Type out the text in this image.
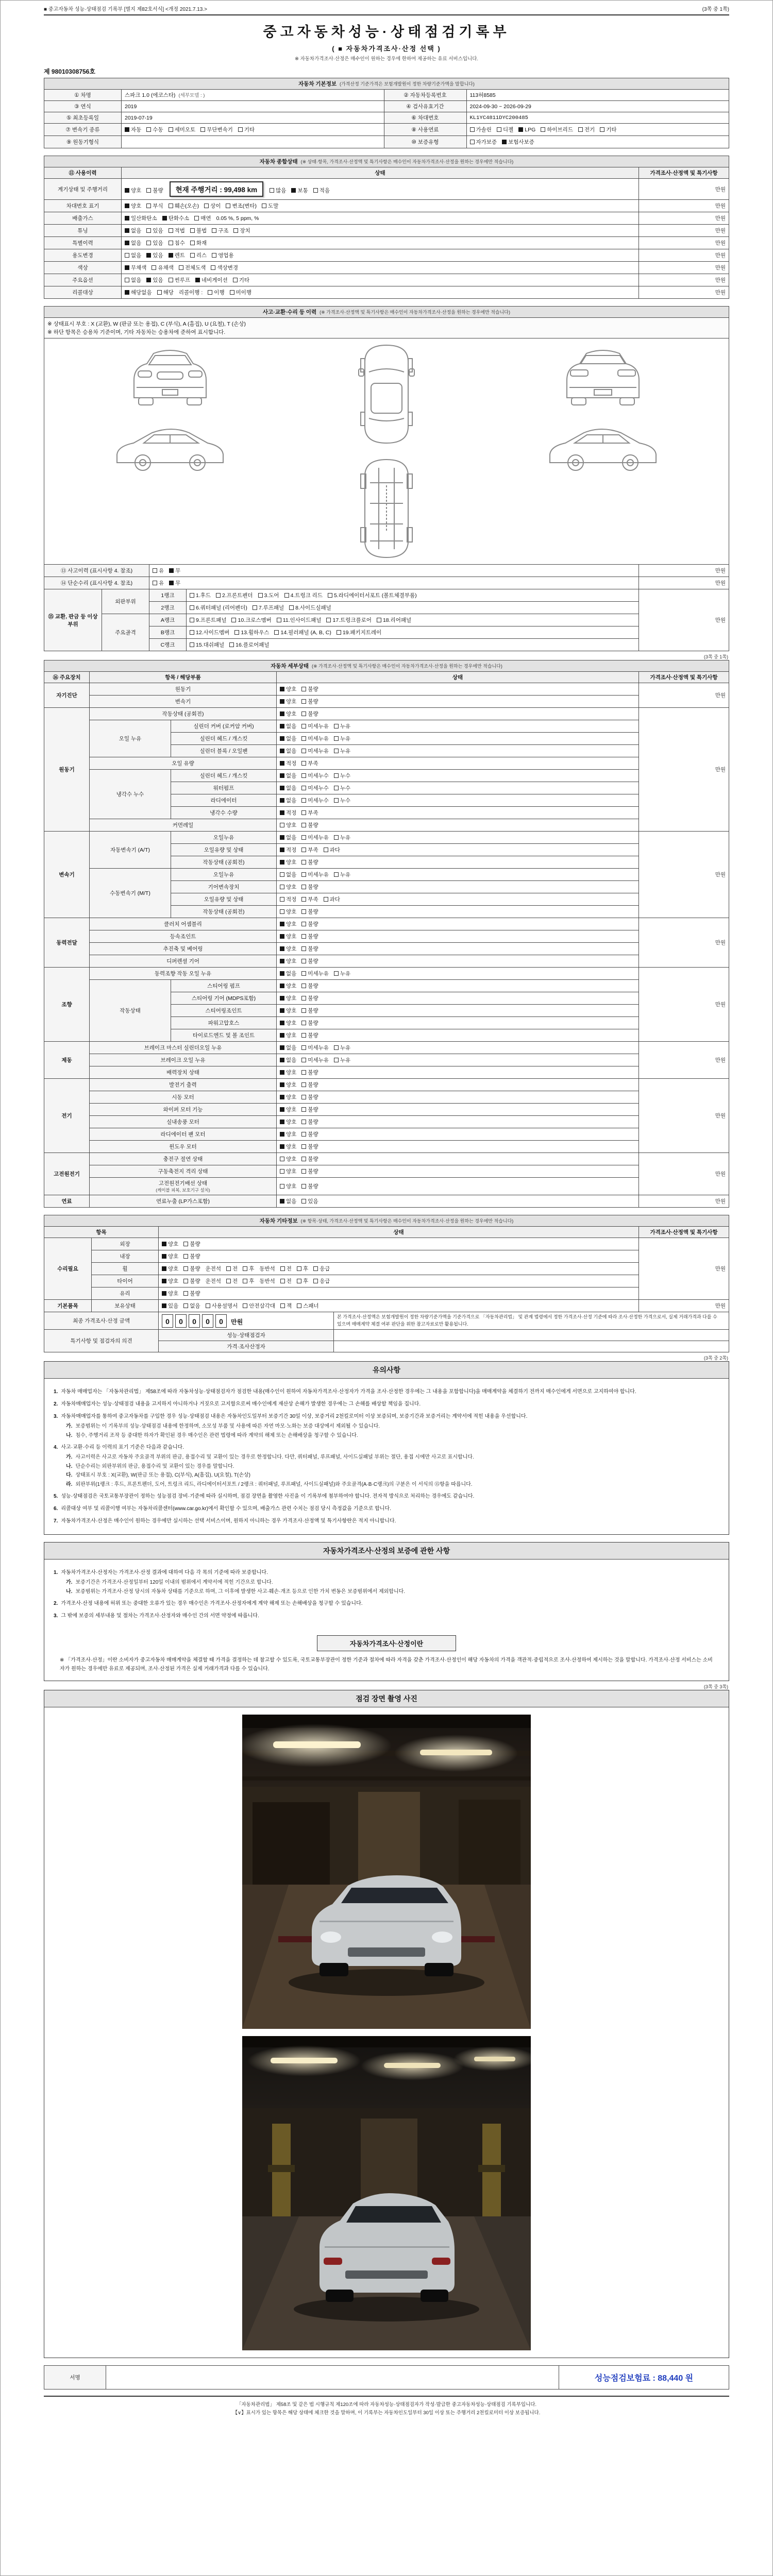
■ 중고자동차 성능·상태점검 기록부 [별지 제82호서식] <개정 2021.7.13.>	(3쪽 중 1쪽)
중고자동차성능·상태점검기록부
( ■ 자동차가격조사·산정 선택 )
※ 자동차가격조사·산정은 매수인이 원하는 경우에 한하여 제공하는 유료 서비스입니다.
제 98010308756호
자동차 기본정보 (가격산정 기준가격은 보험개발원이 정한 차량기준가액을 말합니다)			
① 차명	스파크 1.0 (에코스타) (세부모델 : )	② 자동차등록번호	113허8585
③ 연식	2019	④ 검사유효기간	2024-09-30 ~ 2026-09-29
⑤ 최초등록일	2019-07-19	⑥ 차대번호	KL1YC4811DYC200485
⑦ 변속기 종류	자동 수동 세미오토 무단변속기 기타	⑧ 사용연료	가솔린 디젤 LPG 하이브리드 전기 기타
⑨ 원동기형식		⑩ 보증유형	자가보증 보험사보증
자동차 종합상태 (※ 상태·항목, 가격조사·산정액 및 특기사항은 매수인이 자동차가격조사·산정을 원하는 경우에만 적습니다)		
⑪ 사용이력	상태	가격조사·산정액 및 특기사항
계기상태 및 주행거리	양호 불량 현재 주행거리 : 99,498 km 많음 보통 적음	만원
차대번호 표기	양호 부식 훼손(오손) 상이 변조(변타) 도말	만원
배출가스	일산화탄소 탄화수소 매연 0.05 %, 5 ppm, %	만원
튜닝	없음 있음 적법 불법 구조 장치	만원
특별이력	없음 있음 침수 화재	만원
용도변경	없음 있음 렌트 리스 영업용	만원
색상	무채색 유채색 전체도색 색상변경	만원
주요옵션	없음 있음 썬루프 네비게이션 기타	만원
리콜대상	해당없음 해당 리콜이행 : 이행 미이행	만원
사고·교환·수리 등 이력 (※ 가격조사·산정액 및 특기사항은 매수인이 자동차가격조사·산정을 원하는 경우에만 적습니다)				

※ 상태표시 부호 : X (교환), W (판금 또는 용접), C (부식), A (흠집), U (요철), T (손상)
※ 하단 항목은 승용차 기준이며, 기타 자동차는 승용차에 준하여 표시합니다.				

⑬ 사고이력 (표시사항 4. 참조)		유 무		만원
⑭ 단순수리 (표시사항 4. 참조)		유 무		만원
⑮ 교환, 판금 등 이상 부위	외판부위	1랭크	1.후드 2.프론트펜더 3.도어 4.트렁크 리드 5.라디에이터서포트 (볼트체결부품)	만원
		2랭크	6.쿼터패널 (리어펜더) 7.루프패널 8.사이드실패널	
	주요골격	A랭크	9.프론트패널 10.크로스멤버 11.인사이드패널 17.트렁크플로어 18.리어패널	
		B랭크	12.사이드멤버 13.휠하우스 14.필러패널 (A, B, C) 19.패키지트레이	
		C랭크	15.대쉬패널 16.플로어패널	
(3쪽 중 1쪽)
자동차 세부상태 (※ 가격조사·산정액 및 특기사항은 매수인이 자동차가격조사·산정을 원하는 경우에만 적습니다)				
⑯ 주요장치	항목 / 해당부품		상태	가격조사·산정액 및 특기사항
자기진단	원동기		양호 불량	만원
	변속기		양호 불량	
원동기	작동상태 (공회전)		양호 불량	만원
	오일 누유	실린더 커버 (로커암 커버)	없음 미세누유 누유	
		실린더 헤드 / 개스킷	없음 미세누유 누유	
		실린더 블록 / 오일팬	없음 미세누유 누유	
	오일 유량		적정 부족	
	냉각수 누수	실린더 헤드 / 개스킷	없음 미세누수 누수	
		워터펌프	없음 미세누수 누수	
		라디에이터	없음 미세누수 누수	
		냉각수 수량	적정 부족	
	커먼레일		양호 불량	
변속기	자동변속기 (A/T)	오일누유	없음 미세누유 누유	만원
		오일유량 및 상태	적정 부족 과다	
		작동상태 (공회전)	양호 불량	
	수동변속기 (M/T)	오일누유	없음 미세누유 누유	
		기어변속장치	양호 불량	
		오일유량 및 상태	적정 부족 과다	
		작동상태 (공회전)	양호 불량	
동력전달	클러치 어셈블리		양호 불량	만원
	등속조인트		양호 불량	
	추진축 및 베어링		양호 불량	
	디퍼렌셜 기어		양호 불량	
조향	동력조향 작동 오일 누유		없음 미세누유 누유	만원
	작동상태	스티어링 펌프	양호 불량	
		스티어링 기어 (MDPS포함)	양호 불량	
		스티어링조인트	양호 불량	
		파워고압호스	양호 불량	
		타이로드엔드 및 볼 조인트	양호 불량	
제동	브레이크 마스터 실린더오일 누유		없음 미세누유 누유	만원
	브레이크 오일 누유		없음 미세누유 누유	
	배력장치 상태		양호 불량	
전기	발전기 출력		양호 불량	만원
	시동 모터		양호 불량	
	와이퍼 모터 기능		양호 불량	
	실내송풍 모터		양호 불량	
	라디에이터 팬 모터		양호 불량	
	윈도우 모터		양호 불량	
고전원전기	충전구 절연 상태		양호 불량	만원
	구동축전지 격리 상태		양호 불량	
	고전원전기배선 상태
(케이블 피복, 보호기구 설치)		양호 불량	
연료	연료누출 (LP가스포함)		없음 있음	만원
자동차 기타정보 (※ 항목·상태, 가격조사·산정액 및 특기사항은 매수인이 자동차가격조사·산정을 원하는 경우에만 적습니다)			
항목		상태	가격조사·산정액 및 특기사항
수리필요	외장	양호 불량	만원
	내장	양호 불량	
	휠	양호 불량 운전석 전 후 동반석 전 후 응급	
	타이어	양호 불량 운전석 전 후 동반석 전 후 응급	
	유리	양호 불량	
기본품목	보유상태	있음 없음 사용설명서 안전삼각대 잭 스패너	만원
최종 가격조사·산정 금액	0 0 0 0 0 만원	본 가격조사·산정액은 보험개발원이 정한 차량기준가액을 기준가격으로 「자동차관리법」 및 관계 법령에서 정한 가격조사·산정 기준에 따라 조사·산정한 가격으로서, 실제 거래가격과 다를 수 있으며 매매계약 체결 여부 판단을 위한 참고자료로만 활용됩니다.

특기사항 및 점검자의 의견	성능·상태점검자	
	가격·조사산정자	
(3쪽 중 2쪽)
유의사항
1. 자동차 매매업자는 「자동차관리법」 제58조에 따라 자동차성능·상태점검자가 점검한 내용(매수인이 원하여 자동차가격조사·산정자가 가격을 조사·산정한 경우에는 그 내용을 포함합니다)을 매매계약을 체결하기 전까지 매수인에게 서면으로 고지하여야 합니다.
2. 자동차매매업자는 성능·상태점검 내용을 고지하지 아니하거나 거짓으로 고지함으로써 매수인에게 재산상 손해가 발생한 경우에는 그 손해를 배상할 책임을 집니다.
3. 자동차매매업자를 통하여 중고자동차를 구입한 경우 성능·상태점검 내용은 자동차인도일부터 보증기간 30일 이상, 보증거리 2천킬로미터 이상 보증되며, 보증기간과 보증거리는 계약서에 적힌 내용을 우선합니다.
가. 보증범위는 이 기록부의 성능·상태점검 내용에 한정하며, 소모성 부품 및 사용에 따른 자연 마모·노화는 보증 대상에서 제외될 수 있습니다.
나. 침수, 주행거리 조작 등 중대한 하자가 확인된 경우 매수인은 관련 법령에 따라 계약의 해제 또는 손해배상을 청구할 수 있습니다.
4. 사고·교환·수리 등 이력의 표기 기준은 다음과 같습니다.
가. 사고이력은 사고로 자동차 주요골격 부위의 판금, 용접수리 및 교환이 있는 경우로 한정합니다. 다만, 쿼터패널, 루프패널, 사이드실패널 부위는 절단, 용접 시에만 사고로 표시합니다.
나. 단순수리는 외판부위의 판금, 용접수리 및 교환이 있는 경우를 말합니다.
다. 상태표시 부호 : X(교환), W(판금 또는 용접), C(부식), A(흠집), U(요철), T(손상)
라. 외판부위(1랭크 : 후드, 프론트펜더, 도어, 트렁크 리드, 라디에이터서포트 / 2랭크 : 쿼터패널, 루프패널, 사이드실패널)와 주요골격(A·B·C랭크)의 구분은 이 서식의 ⑮항을 따릅니다.
5. 성능·상태점검은 국토교통부장관이 정하는 성능점검 장비·기준에 따라 실시하며, 점검 장면을 촬영한 사진을 이 기록부에 첨부하여야 합니다. 전자적 방식으로 처리하는 경우에도 같습니다.
6. 리콜대상 여부 및 리콜이행 여부는 자동차리콜센터(www.car.go.kr)에서 확인할 수 있으며, 배출가스 관련 수치는 점검 당시 측정값을 기준으로 합니다.
7. 자동차가격조사·산정은 매수인이 원하는 경우에만 실시하는 선택 서비스이며, 원하지 아니하는 경우 가격조사·산정액 및 특기사항란은 적지 아니합니다.
자동차가격조사·산정의 보증에 관한 사항
1. 자동차가격조사·산정자는 가격조사·산정 결과에 대하여 다음 각 목의 기준에 따라 보증합니다.
가. 보증기간은 가격조사·산정일부터 120일 이내의 범위에서 계약서에 적힌 기간으로 합니다.
나. 보증범위는 가격조사·산정 당시의 자동차 상태를 기준으로 하며, 그 이후에 발생한 사고·훼손·개조 등으로 인한 가치 변동은 보증범위에서 제외합니다.
2. 가격조사·산정 내용에 허위 또는 중대한 오류가 있는 경우 매수인은 가격조사·산정자에게 계약 해제 또는 손해배상을 청구할 수 있습니다.
3. 그 밖에 보증의 세부내용 및 절차는 가격조사·산정자와 매수인 간의 서면 약정에 따릅니다.
자동차가격조사·산정이란
※ 「가격조사·산정」이란 소비자가 중고자동차 매매계약을 체결할 때 가격을 결정하는 데 참고할 수 있도록, 국토교통부장관이 정한 기준과 절차에 따라 자격을 갖춘 가격조사·산정인이 해당 자동차의 가격을 객관적·중립적으로 조사·산정하여 제시하는 것을 말합니다. 가격조사·산정 서비스는 소비자가 원하는 경우에만 유료로 제공되며, 조사·산정된 가격은 실제 거래가격과 다를 수 있습니다.
(3쪽 중 3쪽)
점검 장면 촬영 사진
서명		성능점검보험료 : 88,440 원
「자동차관리법」 제58조 및 같은 법 시행규칙 제120조에 따라 자동차성능·상태점검자가 작성·발급한 중고자동차성능·상태점검 기록부입니다.
【∨】표시가 있는 항목은 해당 상태에 체크한 것을 말하며, 이 기록부는 자동차인도일부터 30일 이상 또는 주행거리 2천킬로미터 이상 보증됩니다.
